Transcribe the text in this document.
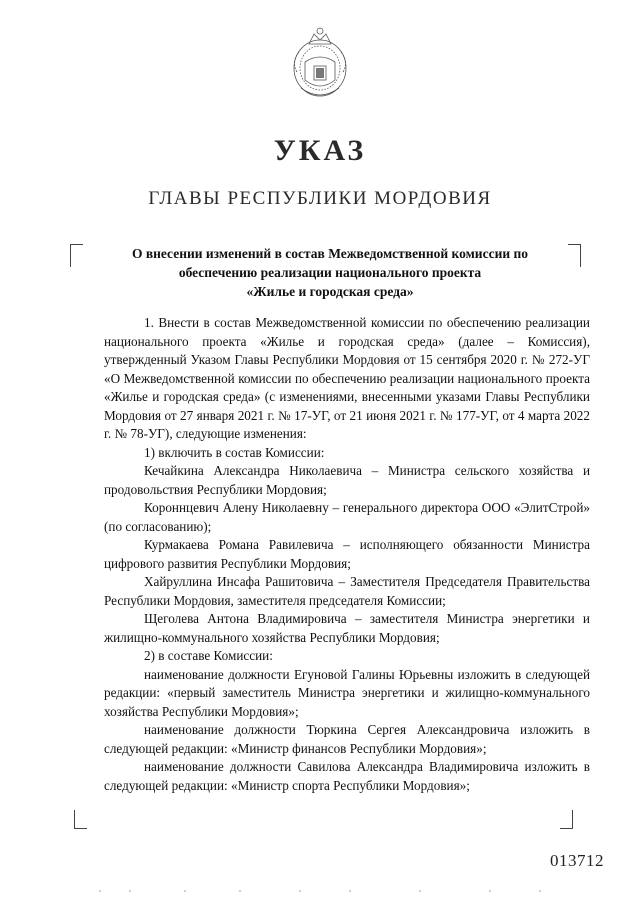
УКАЗ
ГЛАВЫ РЕСПУБЛИКИ МОРДОВИЯ
О внесении изменений в состав Межведомственной комиссии по
обеспечению реализации национального проекта
«Жилье и городская среда»

1. Внести в состав Межведомственной комиссии по обеспечению реализации национального проекта «Жилье и городская среда» (далее – Комиссия), утвержденный Указом Главы Республики Мордовия от 15 сентября 2020 г. № 272-УГ «О Межведомственной комиссии по обеспечению реализации национального проекта «Жилье и городская среда» (с изменениями, внесенными указами Главы Республики Мордовия от 27 января 2021 г. № 17-УГ, от 21 июня 2021 г. № 177-УГ, от 4 марта 2022 г. № 78-УГ), следующие изменения:

1) включить в состав Комиссии:

Кечайкина Александра Николаевича – Министра сельского хозяйства и продовольствия Республики Мордовия;

Короннцевич Алену Николаевну – генерального директора ООО «ЭлитСтрой» (по согласованию);

Курмакаева Романа Равилевича – исполняющего обязанности Министра цифрового развития Республики Мордовия;

Хайруллина Инсафа Рашитовича – Заместителя Председателя Правительства Республики Мордовия, заместителя председателя Комиссии;

Щеголева Антона Владимировича – заместителя Министра энергетики и жилищно-коммунального хозяйства Республики Мордовия;

2) в составе Комиссии:

наименование должности Егуновой Галины Юрьевны изложить в следующей редакции: «первый заместитель Министра энергетики и жилищно-коммунального хозяйства Республики Мордовия»;

наименование должности Тюркина Сергея Александровича изложить в следующей редакции: «Министр финансов Республики Мордовия»;

наименование должности Савилова Александра Владимировича изложить в следующей редакции: «Министр спорта Республики Мордовия»;

013712
